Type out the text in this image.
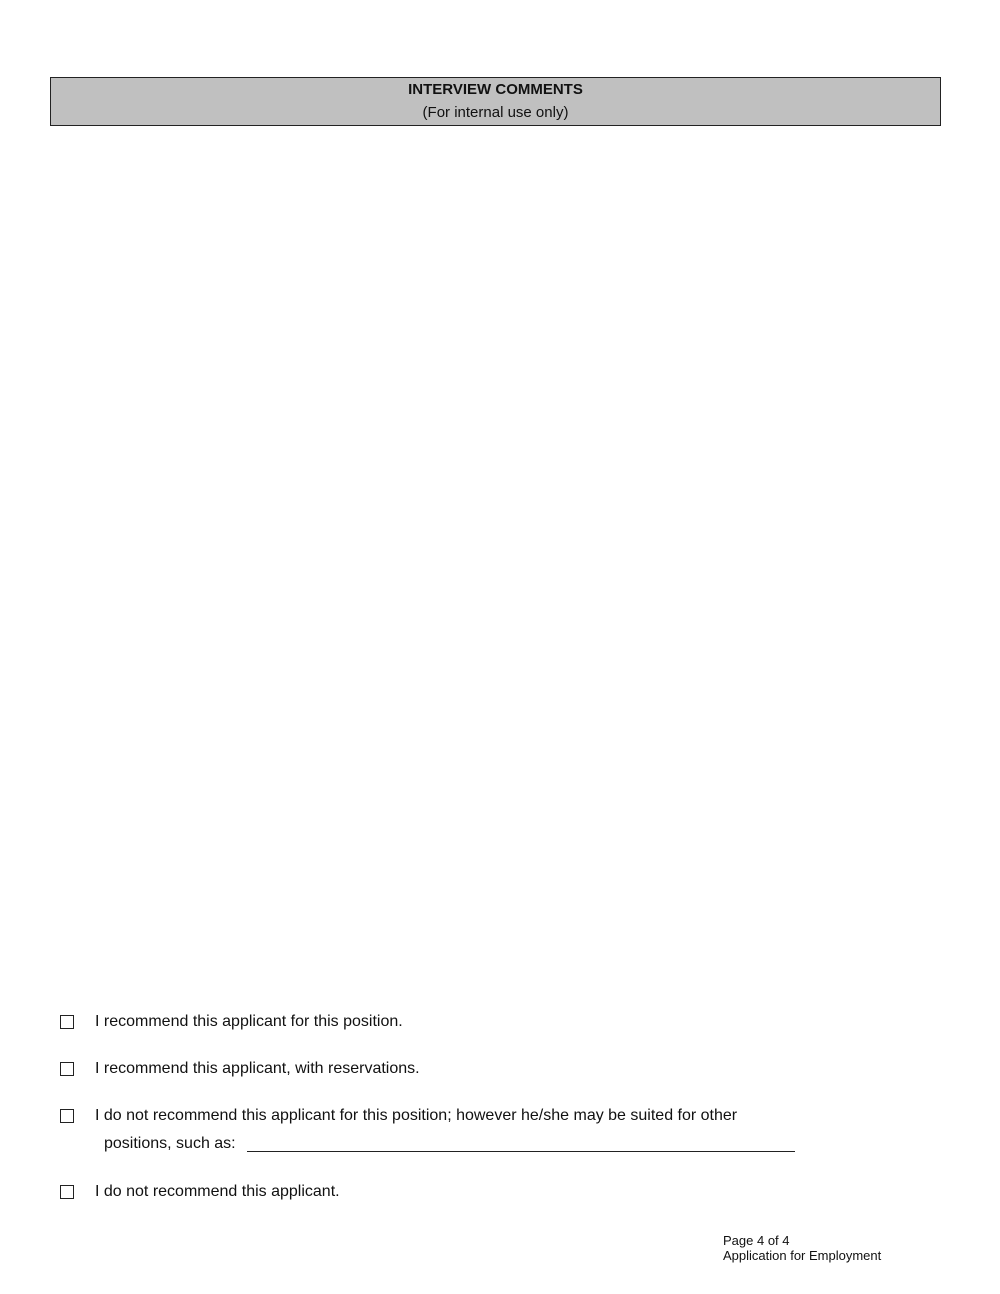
INTERVIEW COMMENTS
(For internal use only)
I recommend this applicant for this position.
I recommend this applicant, with reservations.
I do not recommend this applicant for this position; however he/she may be suited for other
positions, such as:
I do not recommend this applicant.
Page 4 of 4
Application for Employment
